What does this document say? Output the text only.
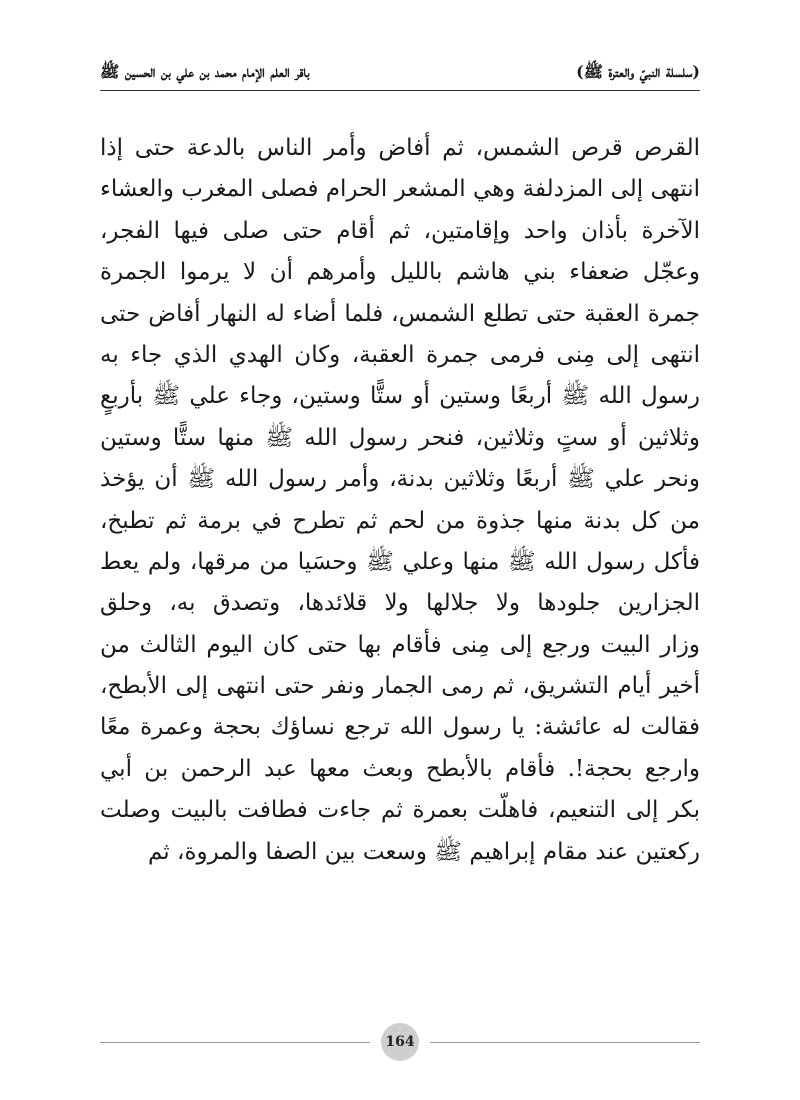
(سلسلة النبيّ والعترة ﷺ)
باقر العلم الإمام محمد بن علي بن الحسين ﷺ
القرص قرص الشمس، ثم أفاض وأمر الناس بالدعة حتى إذا
انتهى إلى المزدلفة وهي المشعر الحرام فصلى المغرب والعشاء
الآخرة بأذان واحد وإقامتين، ثم أقام حتى صلى فيها الفجر،
وعجّل ضعفاء بني هاشم بالليل وأمرهم أن لا يرموا الجمرة
جمرة العقبة حتى تطلع الشمس، فلما أضاء له النهار أفاض حتى
انتهى إلى مِنى فرمى جمرة العقبة، وكان الهدي الذي جاء به
رسول الله ﷺ أربعًا وستين أو ستًّا وستين، وجاء علي ﷺ بأربعٍ
وثلاثين أو ستٍ وثلاثين، فنحر رسول الله ﷺ منها ستًّا وستين
ونحر علي ﷺ أربعًا وثلاثين بدنة، وأمر رسول الله ﷺ أن يؤخذ
من كل بدنة منها جذوة من لحم ثم تطرح في برمة ثم تطبخ،
فأكل رسول الله ﷺ منها وعلي ﷺ وحسَيا من مرقها، ولم يعط
الجزارين جلودها ولا جلالها ولا قلائدها، وتصدق به، وحلق
وزار البيت ورجع إلى مِنى فأقام بها حتى كان اليوم الثالث من
أخير أيام التشريق، ثم رمى الجمار ونفر حتى انتهى إلى الأبطح،
فقالت له عائشة: يا رسول الله ترجع نساؤك بحجة وعمرة معًا
وارجع بحجة!. فأقام بالأبطح وبعث معها عبد الرحمن بن أبي
بكر إلى التنعيم، فاهلّت بعمرة ثم جاءت فطافت بالبيت وصلت
ركعتين عند مقام إبراهيم ﷺ وسعت بين الصفا والمروة، ثم
164
